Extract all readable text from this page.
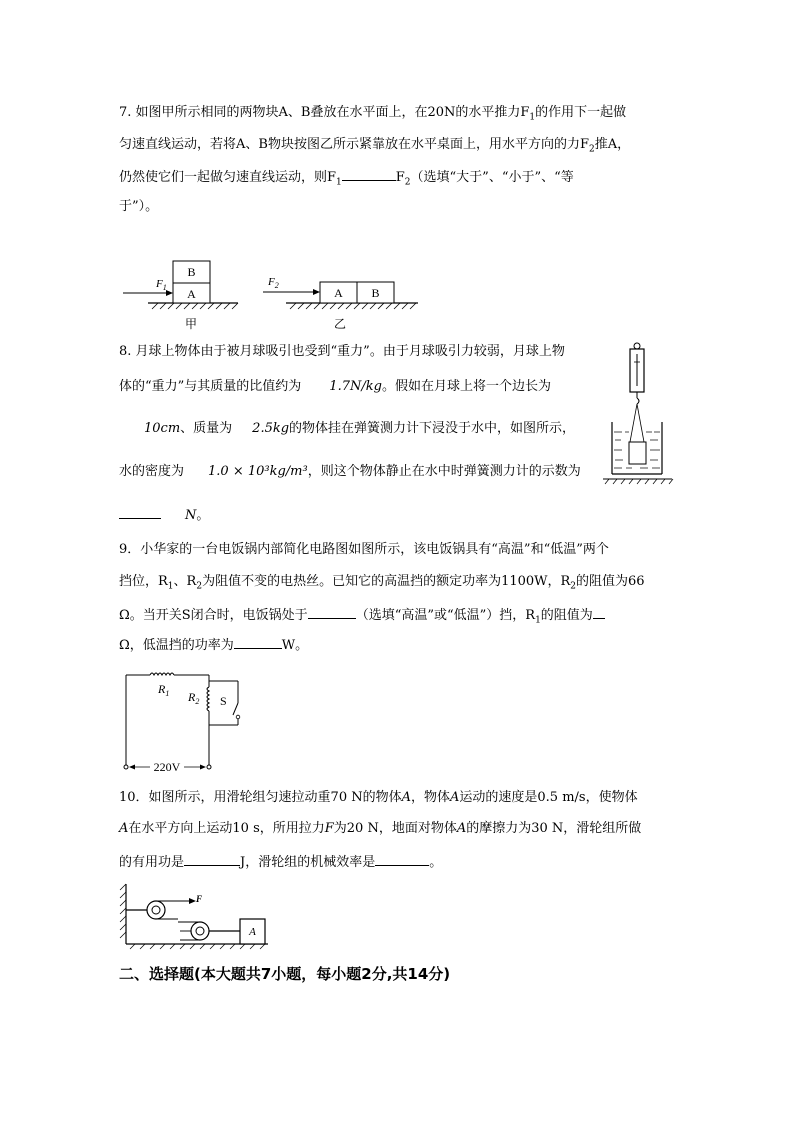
7. 如图甲所示相同的两物块A、B叠放在水平面上，在20N的水平推力$F_1$的作用下一起做
匀速直线运动，若将A、B物块按图乙所示紧靠放在水平桌面上，用水平方向的力$F_2$推A，
仍然使它们一起做匀速直线运动，则$F_1$	$F_2$（选填“大于”、“小于”、“等
于”）。
A
B
$F_1$
甲
A B
$F_2$
乙
8. 月球上物体由于被月球吸引也受到“重力”。由于月球吸引力较弱，月球上物
体的“重力”与其质量的比值约为 1.7N/kg。假如在月球上将一个边长为
10cm、质量为 2.5kg的物体挂在弹簧测力计下浸没于水中，如图所示，
水的密度为 1.0 × 10³kg/m³，则这个物体静止在水中时弹簧测力计的示数为
N。
9．小华家的一台电饭锅内部简化电路图如图所示，该电饭锅具有“高温”和“低温”两个
挡位，$R_1$、$R_2$为阻值不变的电热丝。已知它的高温挡的额定功率为1100W，$R_2$的阻值为66
Ω。当开关S闭合时，电饭锅处于	（选填“高温”或“低温”）挡，$R_1$的阻值为
Ω，低温挡的功率为	W。
$R_1$ $R_2$ S
220V
10．如图所示，用滑轮组匀速拉动重70 N的物体A，物体A运动的速度是0.5 m/s，使物体
A在水平方向上运动10 s，所用拉力F为20 N，地面对物体A的摩擦力为30 N，滑轮组所做
的有用功是	J，滑轮组的机械效率是	。
F
A
二、选择题(本大题共7小题，每小题2分,共14分)
